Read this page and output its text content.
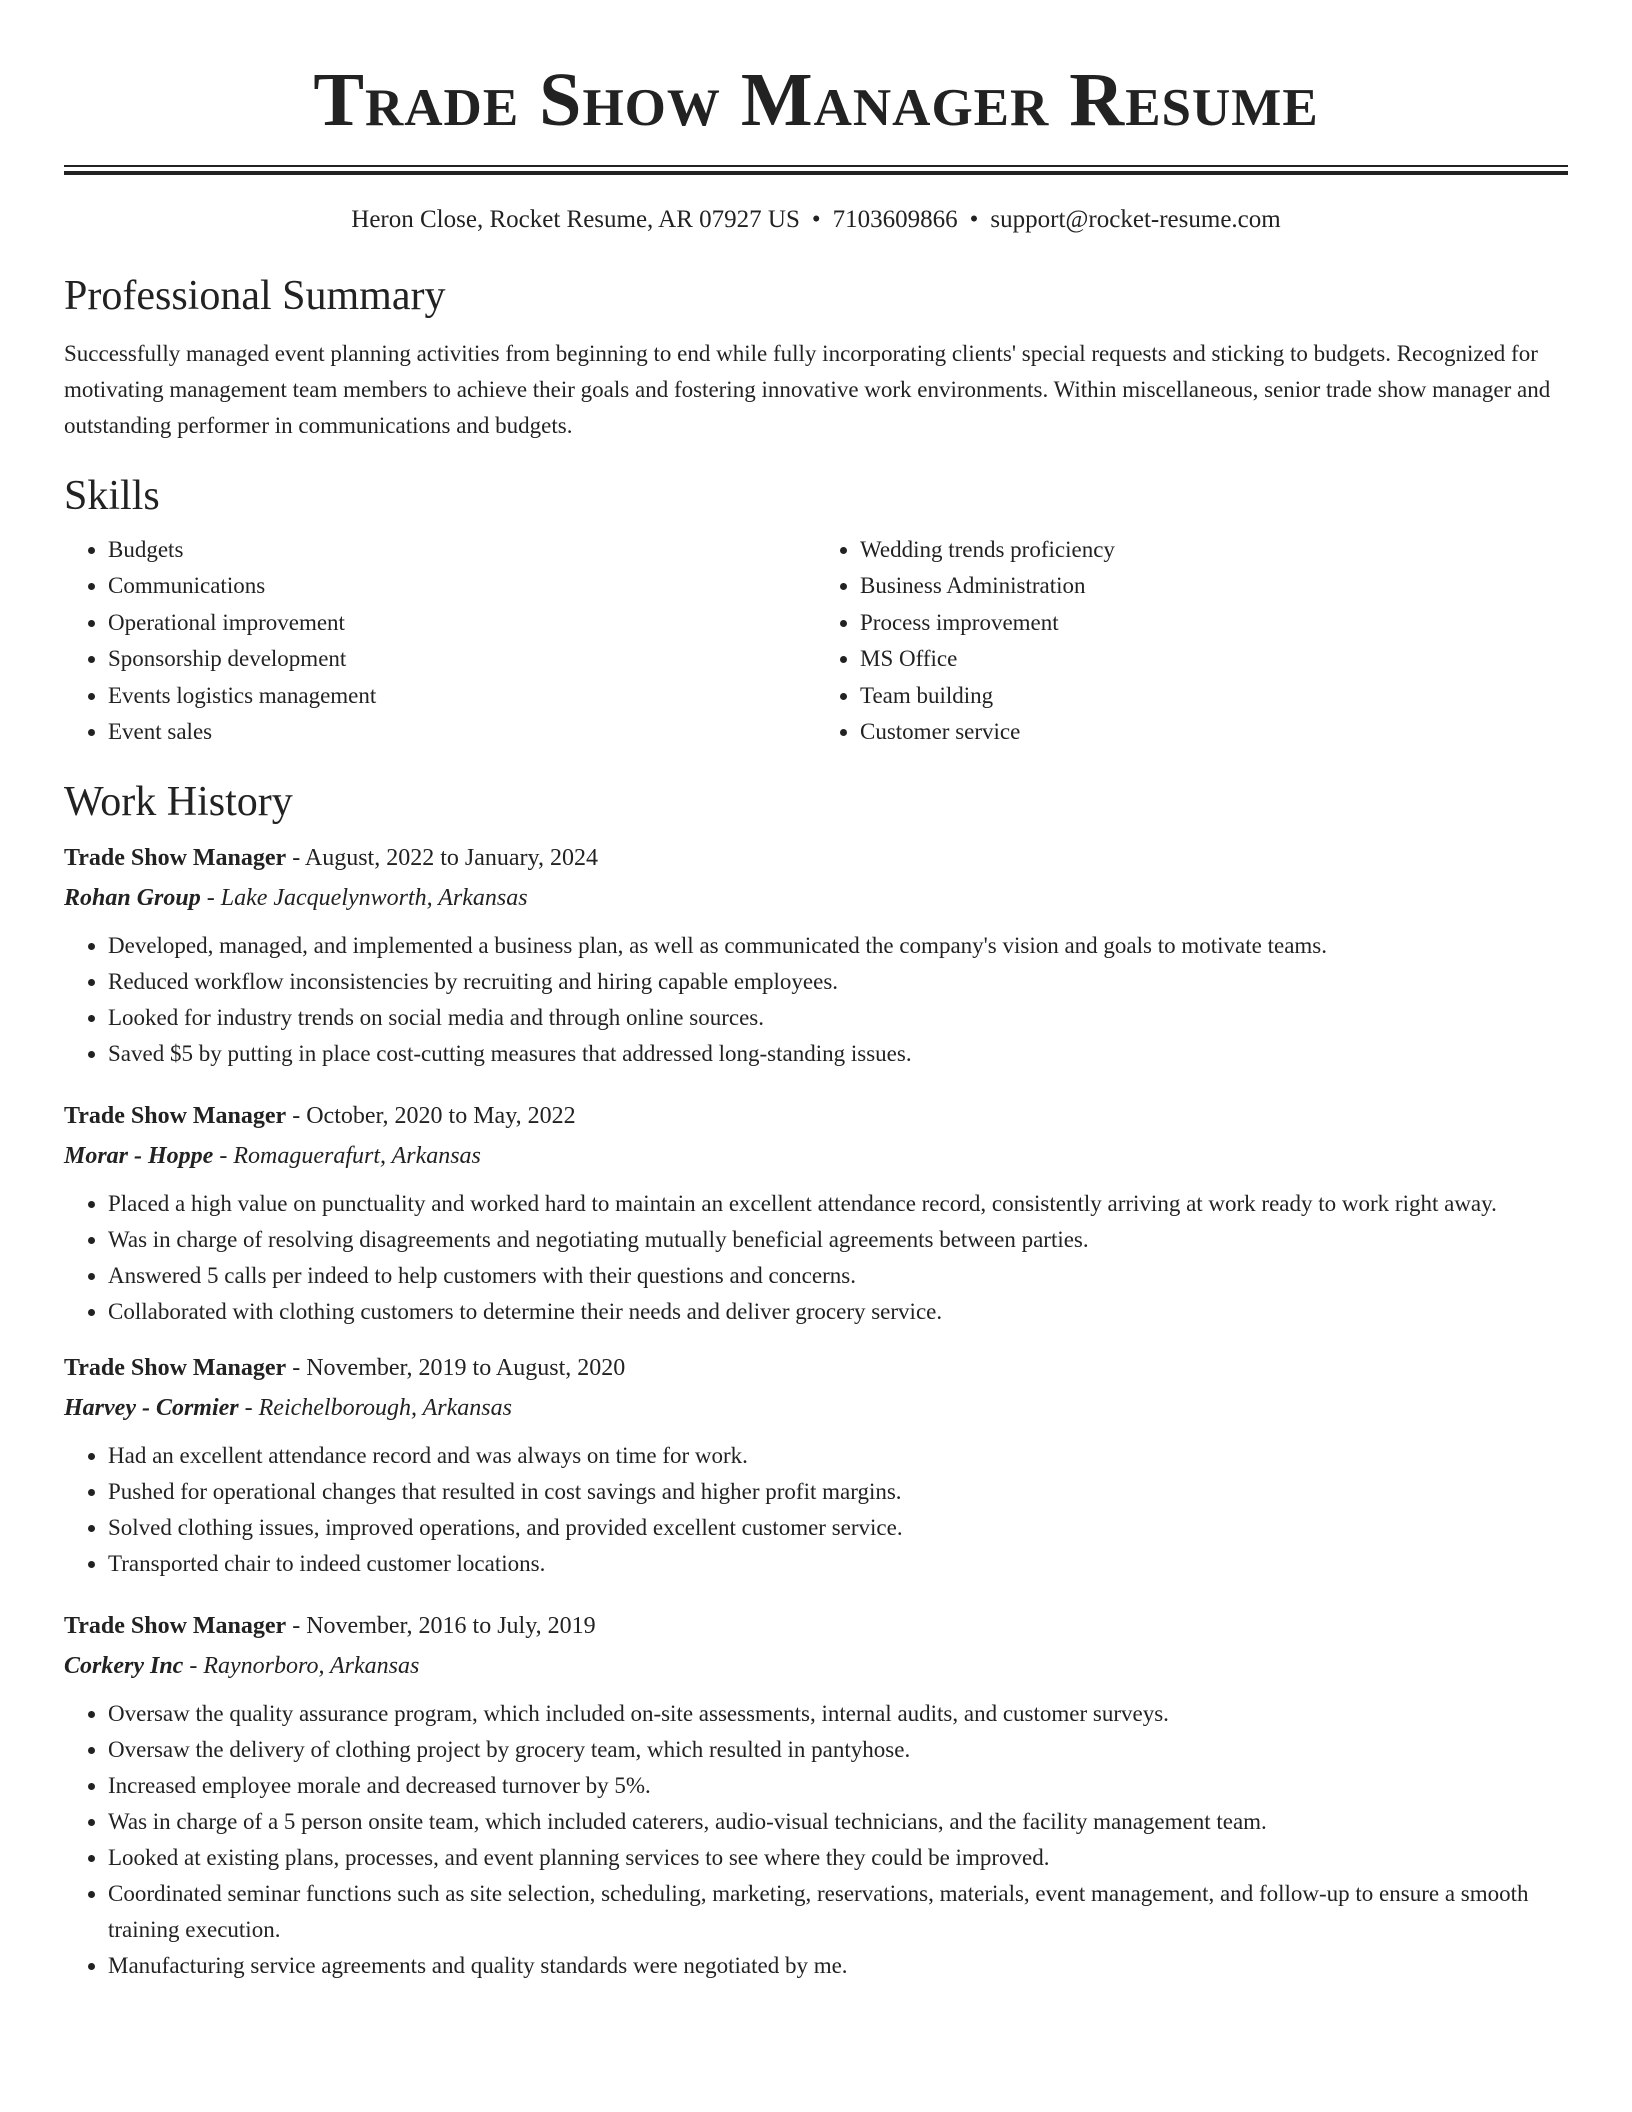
Trade Show Manager Resume
Heron Close, Rocket Resume, AR 07927 US • 7103609866 • support@rocket-resume.com
Professional Summary

Successfully managed event planning activities from beginning to end while fully incorporating clients' special requests and sticking to budgets. Recognized for motivating management team members to achieve their goals and fostering innovative work environments. Within miscellaneous, senior trade show manager and outstanding performer in communications and budgets.

Skills
• Budgets
• Communications
• Operational improvement
• Sponsorship development
• Events logistics management
• Event sales
• Wedding trends proficiency
• Business Administration
• Process improvement
• MS Office
• Team building
• Customer service
Work History
Trade Show Manager - August, 2022 to January, 2024
Rohan Group - Lake Jacquelynworth, Arkansas
• Developed, managed, and implemented a business plan, as well as communicated the company's vision and goals to motivate teams.
• Reduced workflow inconsistencies by recruiting and hiring capable employees.
• Looked for industry trends on social media and through online sources.
• Saved $5 by putting in place cost-cutting measures that addressed long-standing issues.
Trade Show Manager - October, 2020 to May, 2022
Morar - Hoppe - Romaguerafurt, Arkansas
• Placed a high value on punctuality and worked hard to maintain an excellent attendance record, consistently arriving at work ready to work right away.
• Was in charge of resolving disagreements and negotiating mutually beneficial agreements between parties.
• Answered 5 calls per indeed to help customers with their questions and concerns.
• Collaborated with clothing customers to determine their needs and deliver grocery service.
Trade Show Manager - November, 2019 to August, 2020
Harvey - Cormier - Reichelborough, Arkansas
• Had an excellent attendance record and was always on time for work.
• Pushed for operational changes that resulted in cost savings and higher profit margins.
• Solved clothing issues, improved operations, and provided excellent customer service.
• Transported chair to indeed customer locations.
Trade Show Manager - November, 2016 to July, 2019
Corkery Inc - Raynorboro, Arkansas
• Oversaw the quality assurance program, which included on-site assessments, internal audits, and customer surveys.
• Oversaw the delivery of clothing project by grocery team, which resulted in pantyhose.
• Increased employee morale and decreased turnover by 5%.
• Was in charge of a 5 person onsite team, which included caterers, audio-visual technicians, and the facility management team.
• Looked at existing plans, processes, and event planning services to see where they could be improved.
• Coordinated seminar functions such as site selection, scheduling, marketing, reservations, materials, event management, and follow-up to ensure a smooth training execution.
• Manufacturing service agreements and quality standards were negotiated by me.
